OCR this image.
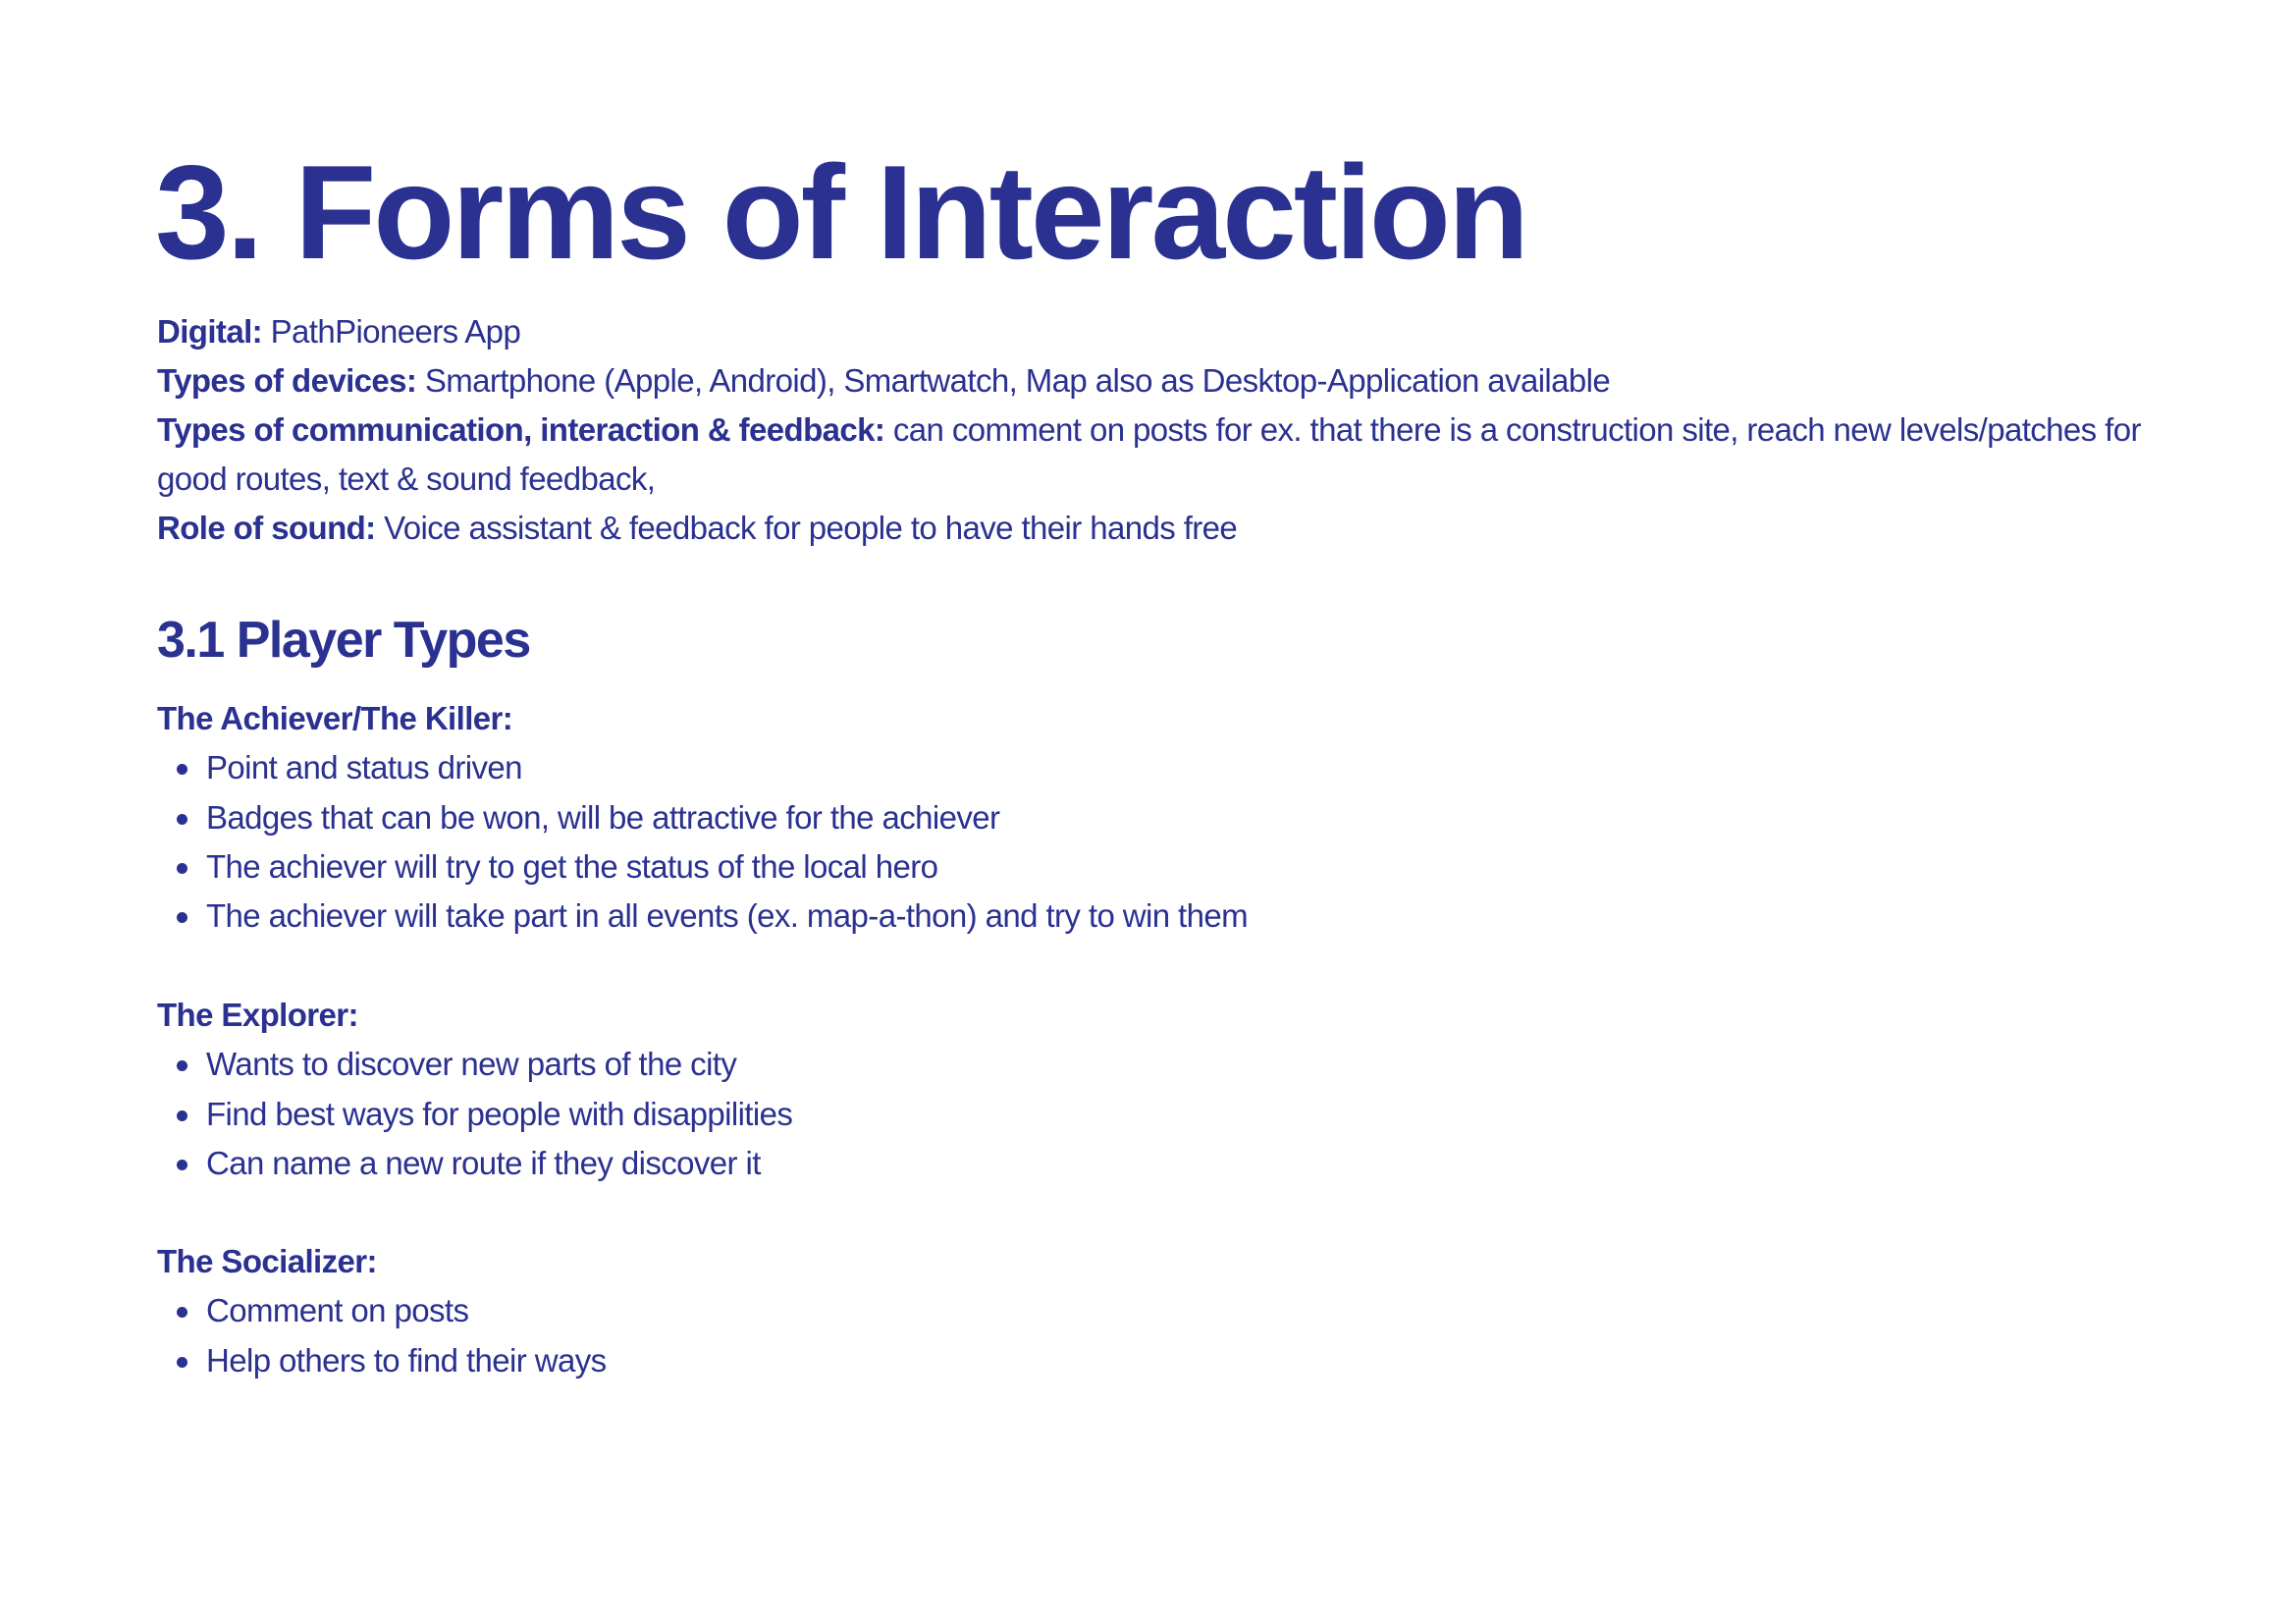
3. Forms of Interaction

Digital: PathPioneers App

Types of devices: Smartphone (Apple, Android), Smartwatch, Map also as Desktop-Application available

Types of communication, interaction & feedback: can comment on posts for ex. that there is a construction site, reach new levels/patches for good routes, text & sound feedback,

Role of sound: Voice assistant & feedback for people to have their hands free

3.1 Player Types

The Achiever/The Killer:

Point and status driven
Badges that can be won, will be attractive for the achiever
The achiever will try to get the status of the local hero
The achiever will take part in all events (ex. map-a-thon) and try to win them

The Explorer:

Wants to discover new parts of the city
Find best ways for people with disappilities
Can name a new route if they discover it

The Socializer:

Comment on posts
Help others to find their ways
